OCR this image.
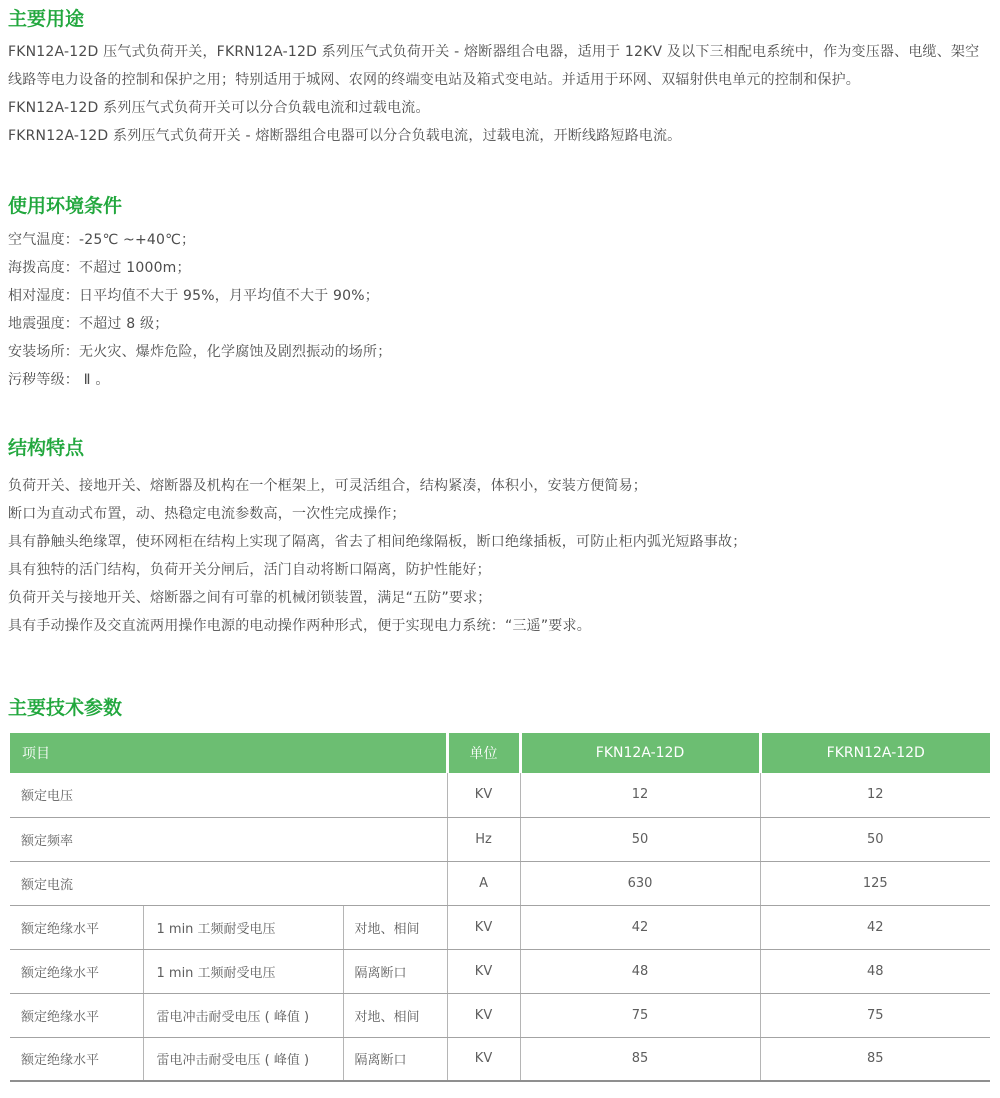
主要用途

FKN12A-12D 压气式负荷开关，FKRN12A-12D 系列压气式负荷开关 - 熔断器组合电器，适用于 12KV 及以下三相配电系统中，作为变压器、电缆、架空线路等电力设备的控制和保护之用；特别适用于城网、农网的终端变电站及箱式变电站。并适用于环网、双辐射供电单元的控制和保护。

FKN12A-12D 系列压气式负荷开关可以分合负载电流和过载电流。

FKRN12A-12D 系列压气式负荷开关 - 熔断器组合电器可以分合负载电流，过载电流，开断线路短路电流。

使用环境条件
空气温度：-25℃ ~+40℃；
海拨高度：不超过 1000m；
相对湿度：日平均值不大于 95%，月平均值不大于 90%；
地震强度：不超过 8 级；
安装场所：无火灾、爆炸危险，化学腐蚀及剧烈振动的场所；
污秽等级： Ⅱ 。
结构特点
负荷开关、接地开关、熔断器及机构在一个框架上，可灵活组合，结构紧凑，体积小，安装方便简易；
断口为直动式布置，动、热稳定电流参数高，一次性完成操作；
具有静触头绝缘罩，使环网柜在结构上实现了隔离，省去了相间绝缘隔板，断口绝缘插板，可防止柜内弧光短路事故；
具有独特的活门结构，负荷开关分闸后，活门自动将断口隔离，防护性能好；
负荷开关与接地开关、熔断器之间有可靠的机械闭锁装置，满足“五防”要求；
具有手动操作及交直流两用操作电源的电动操作两种形式，便于实现电力系统：“三遥”要求。
主要技术参数
项目			单位	FKN12A-12D	FKRN12A-12D
额定电压			KV	12	12
额定频率			Hz	50	50
额定电流			A	630	125
额定绝缘水平	1 min 工频耐受电压	对地、相间	KV	42	42
额定绝缘水平	1 min 工频耐受电压	隔离断口	KV	48	48
额定绝缘水平	雷电冲击耐受电压 ( 峰值 )	对地、相间	KV	75	75
额定绝缘水平	雷电冲击耐受电压 ( 峰值 )	隔离断口	KV	85	85
